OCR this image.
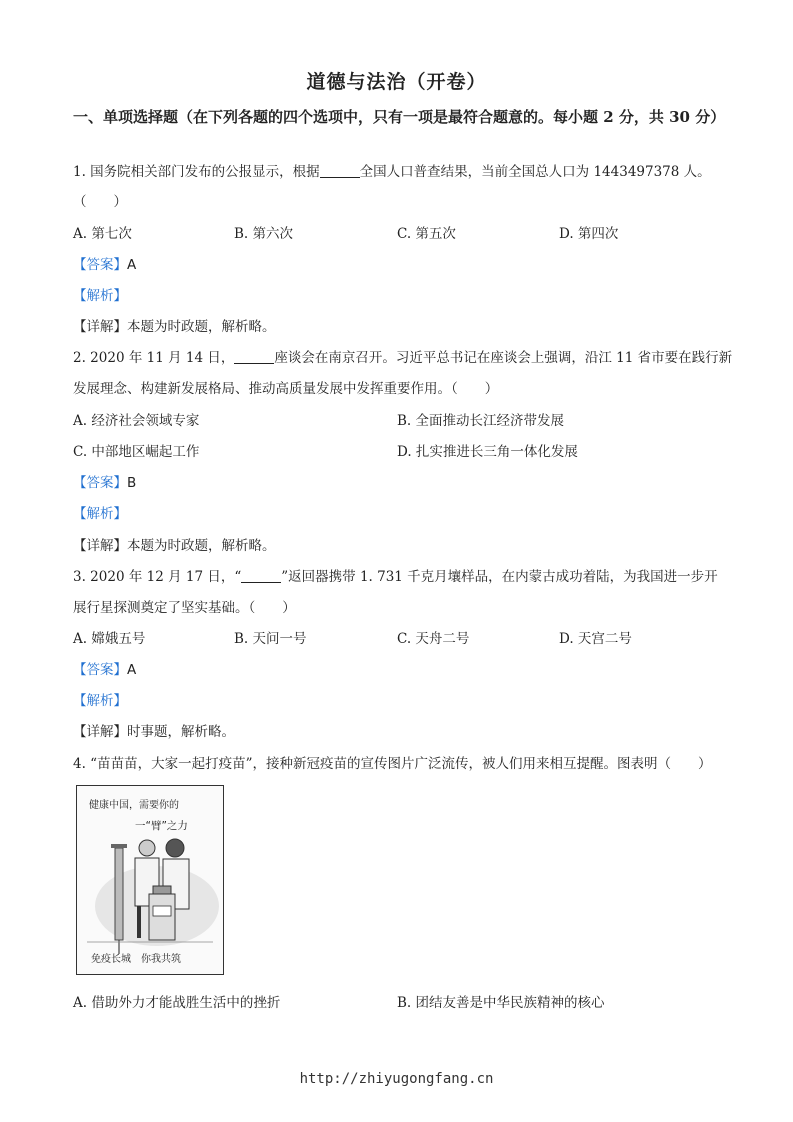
道德与法治（开卷）
一、单项选择题（在下列各题的四个选项中，只有一项是最符合题意的。每小题 2 分，共 30 分）
1. 国务院相关部门发布的公报显示，根据	全国人口普查结果，当前全国总人口为 1443497378 人。
（　　）
A. 第七次	B. 第六次	C. 第五次	D. 第四次
【答案】A
【解析】
【详解】本题为时政题，解析略。
2. 2020 年 11 月 14 日，	座谈会在南京召开。习近平总书记在座谈会上强调，沿江 11 省市要在践行新
发展理念、构建新发展格局、推动高质量发展中发挥重要作用。（　　）
A. 经济社会领域专家	B. 全面推动长江经济带发展
C. 中部地区崛起工作	D. 扎实推进长三角一体化发展
【答案】B
【解析】
【详解】本题为时政题，解析略。
3. 2020 年 12 月 17 日，“	”返回器携带 1. 731 千克月壤样品，在内蒙古成功着陆，为我国进一步开
展行星探测奠定了坚实基础。（　　）
A. 嫦娥五号	B. 天问一号	C. 天舟二号	D. 天宫二号
【答案】A
【解析】
【详解】时事题，解析略。
4. “苗苗苗，大家一起打疫苗”，接种新冠疫苗的宣传图片广泛流传，被人们用来相互提醒。图表明（　　）
健康中国，需要你的
一“臂”之力
免疫长城　你我共筑
A. 借助外力才能战胜生活中的挫折	B. 团结友善是中华民族精神的核心
http://zhiyugongfang.cn
